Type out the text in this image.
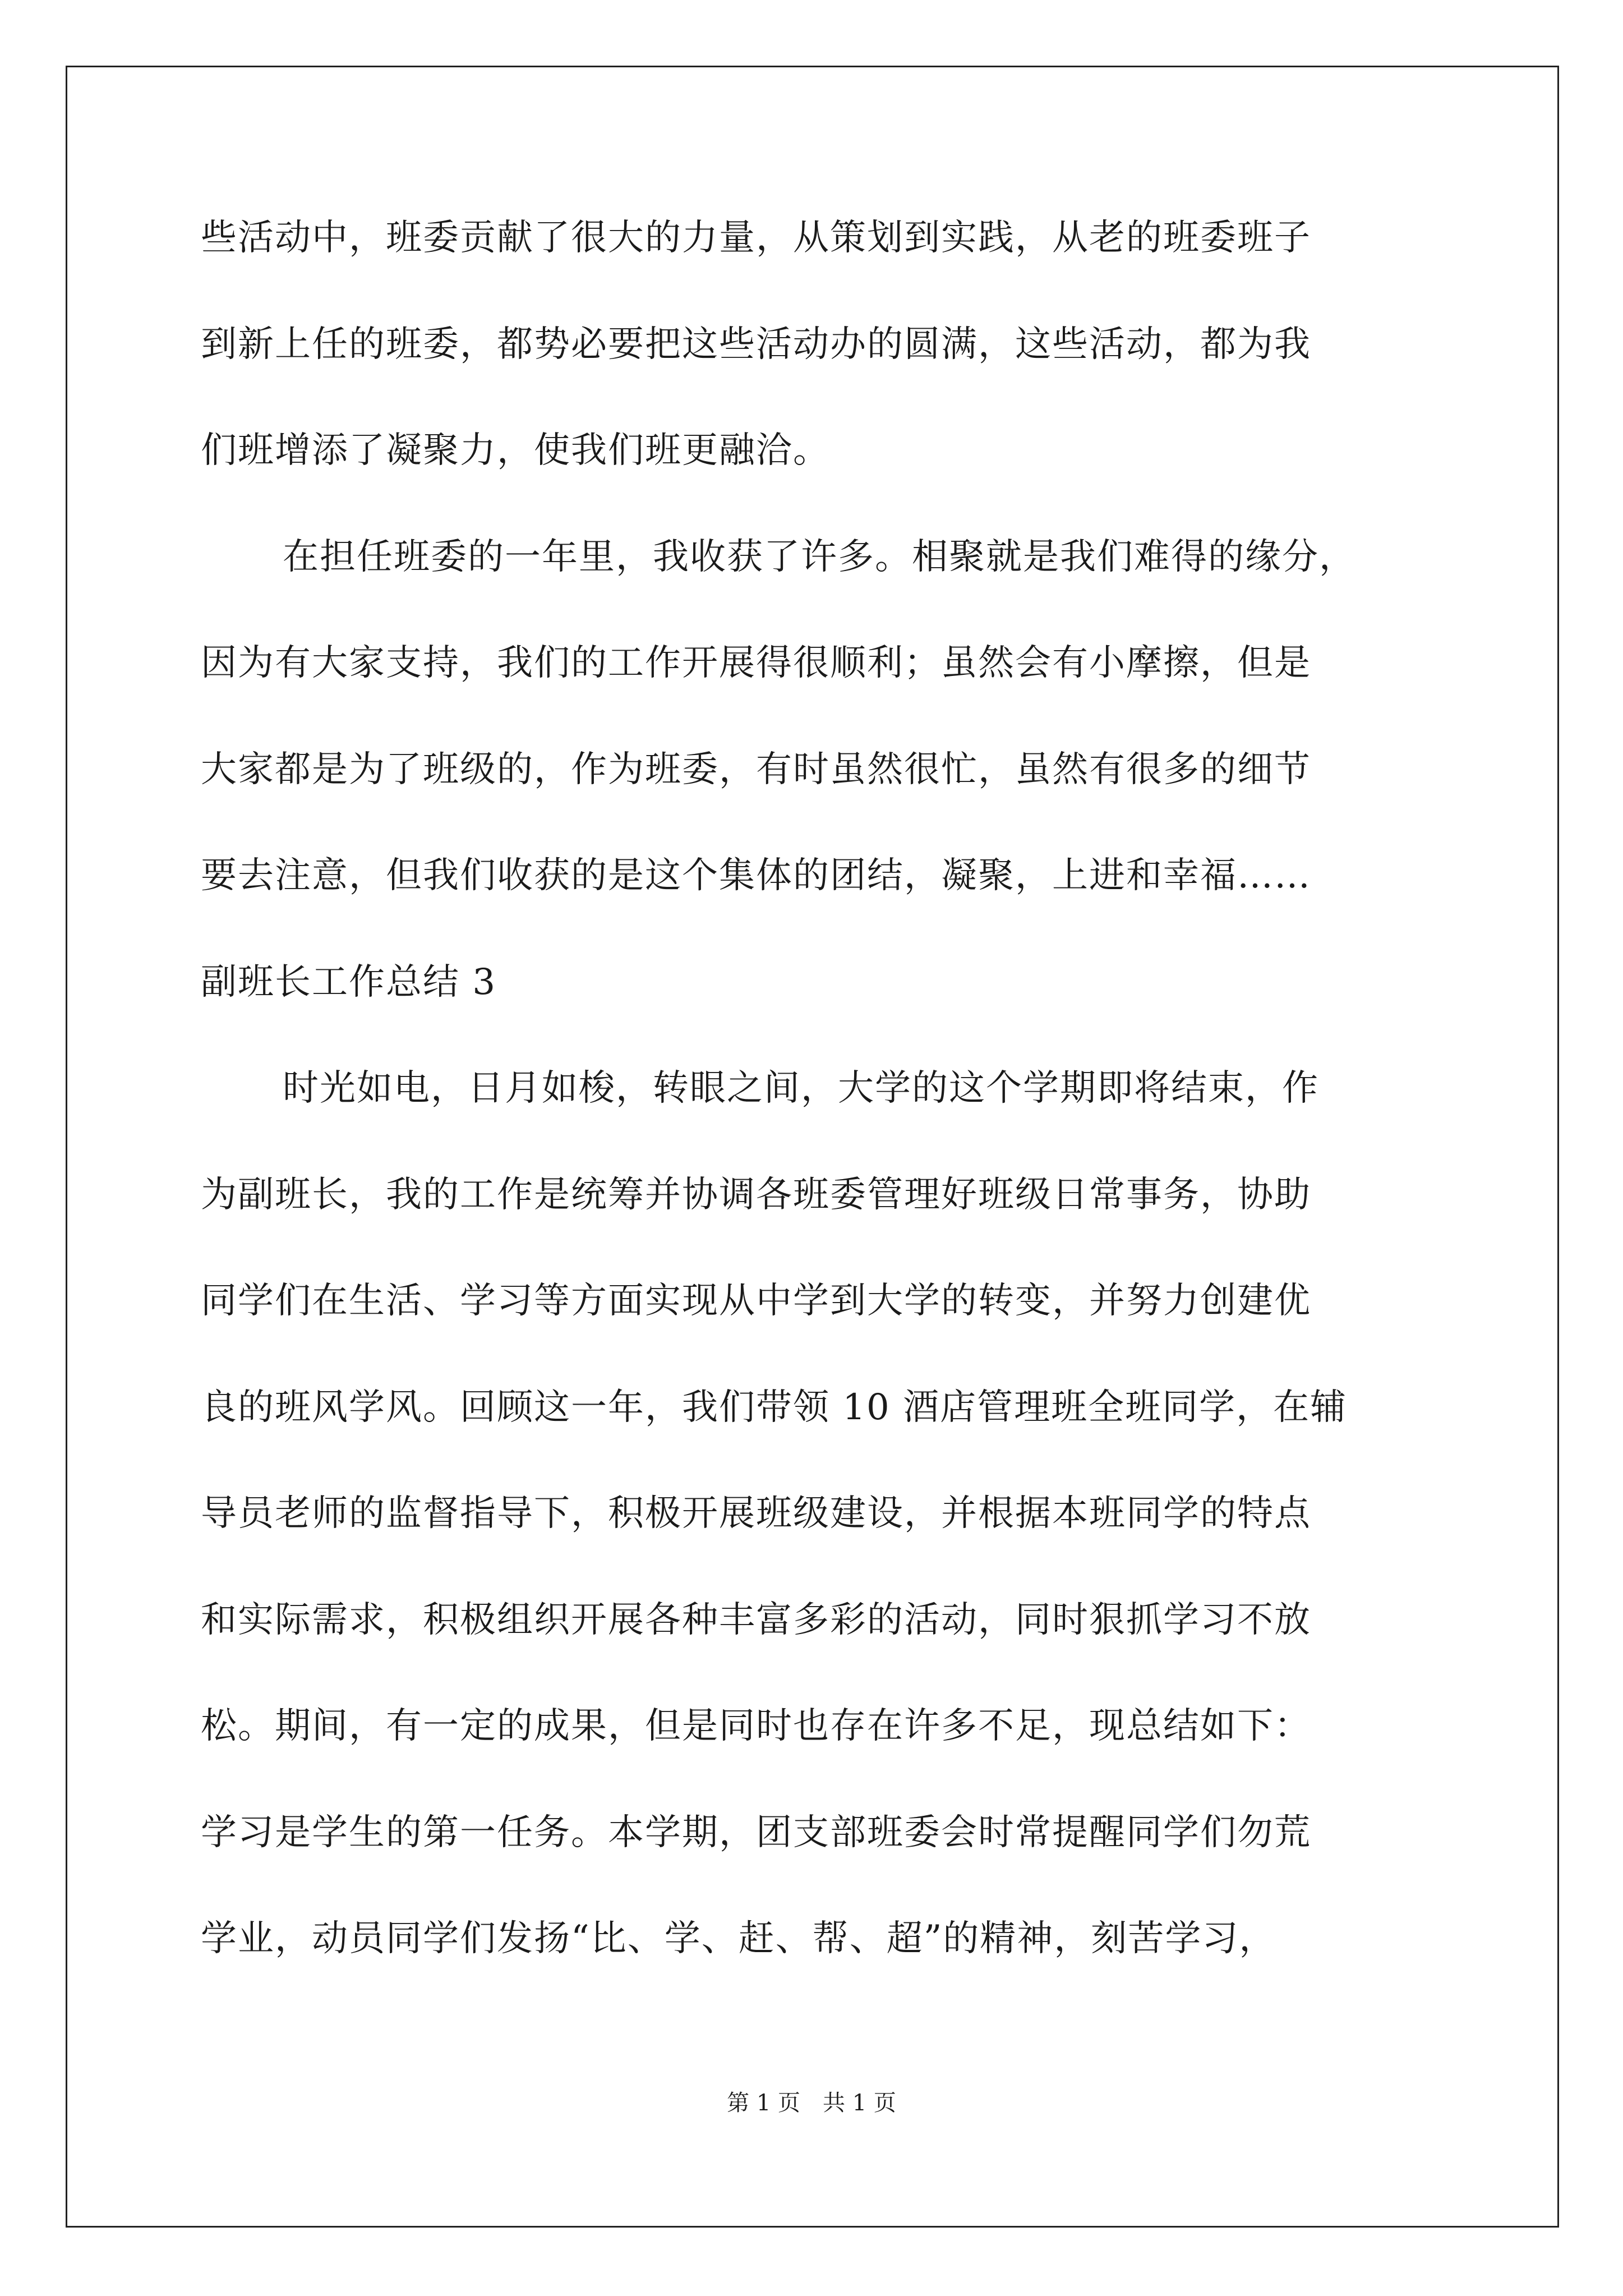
些活动中，班委贡献了很大的力量，从策划到实践，从老的班委班子

到新上任的班委，都势必要把这些活动办的圆满，这些活动，都为我

们班增添了凝聚力，使我们班更融洽。

在担任班委的一年里，我收获了许多。相聚就是我们难得的缘分，

因为有大家支持，我们的工作开展得很顺利；虽然会有小摩擦，但是

大家都是为了班级的，作为班委，有时虽然很忙，虽然有很多的细节

要去注意，但我们收获的是这个集体的团结，凝聚，上进和幸福……

副班长工作总结 3

时光如电，日月如梭，转眼之间，大学的这个学期即将结束，作

为副班长，我的工作是统筹并协调各班委管理好班级日常事务，协助

同学们在生活、学习等方面实现从中学到大学的转变，并努力创建优

良的班风学风。回顾这一年，我们带领 10 酒店管理班全班同学，在辅

导员老师的监督指导下，积极开展班级建设，并根据本班同学的特点

和实际需求，积极组织开展各种丰富多彩的活动，同时狠抓学习不放

松。期间，有一定的成果，但是同时也存在许多不足，现总结如下：

学习是学生的第一任务。本学期，团支部班委会时常提醒同学们勿荒

学业，动员同学们发扬“比、学、赶、帮、超”的精神，刻苦学习，

第 1 页 共 1 页
